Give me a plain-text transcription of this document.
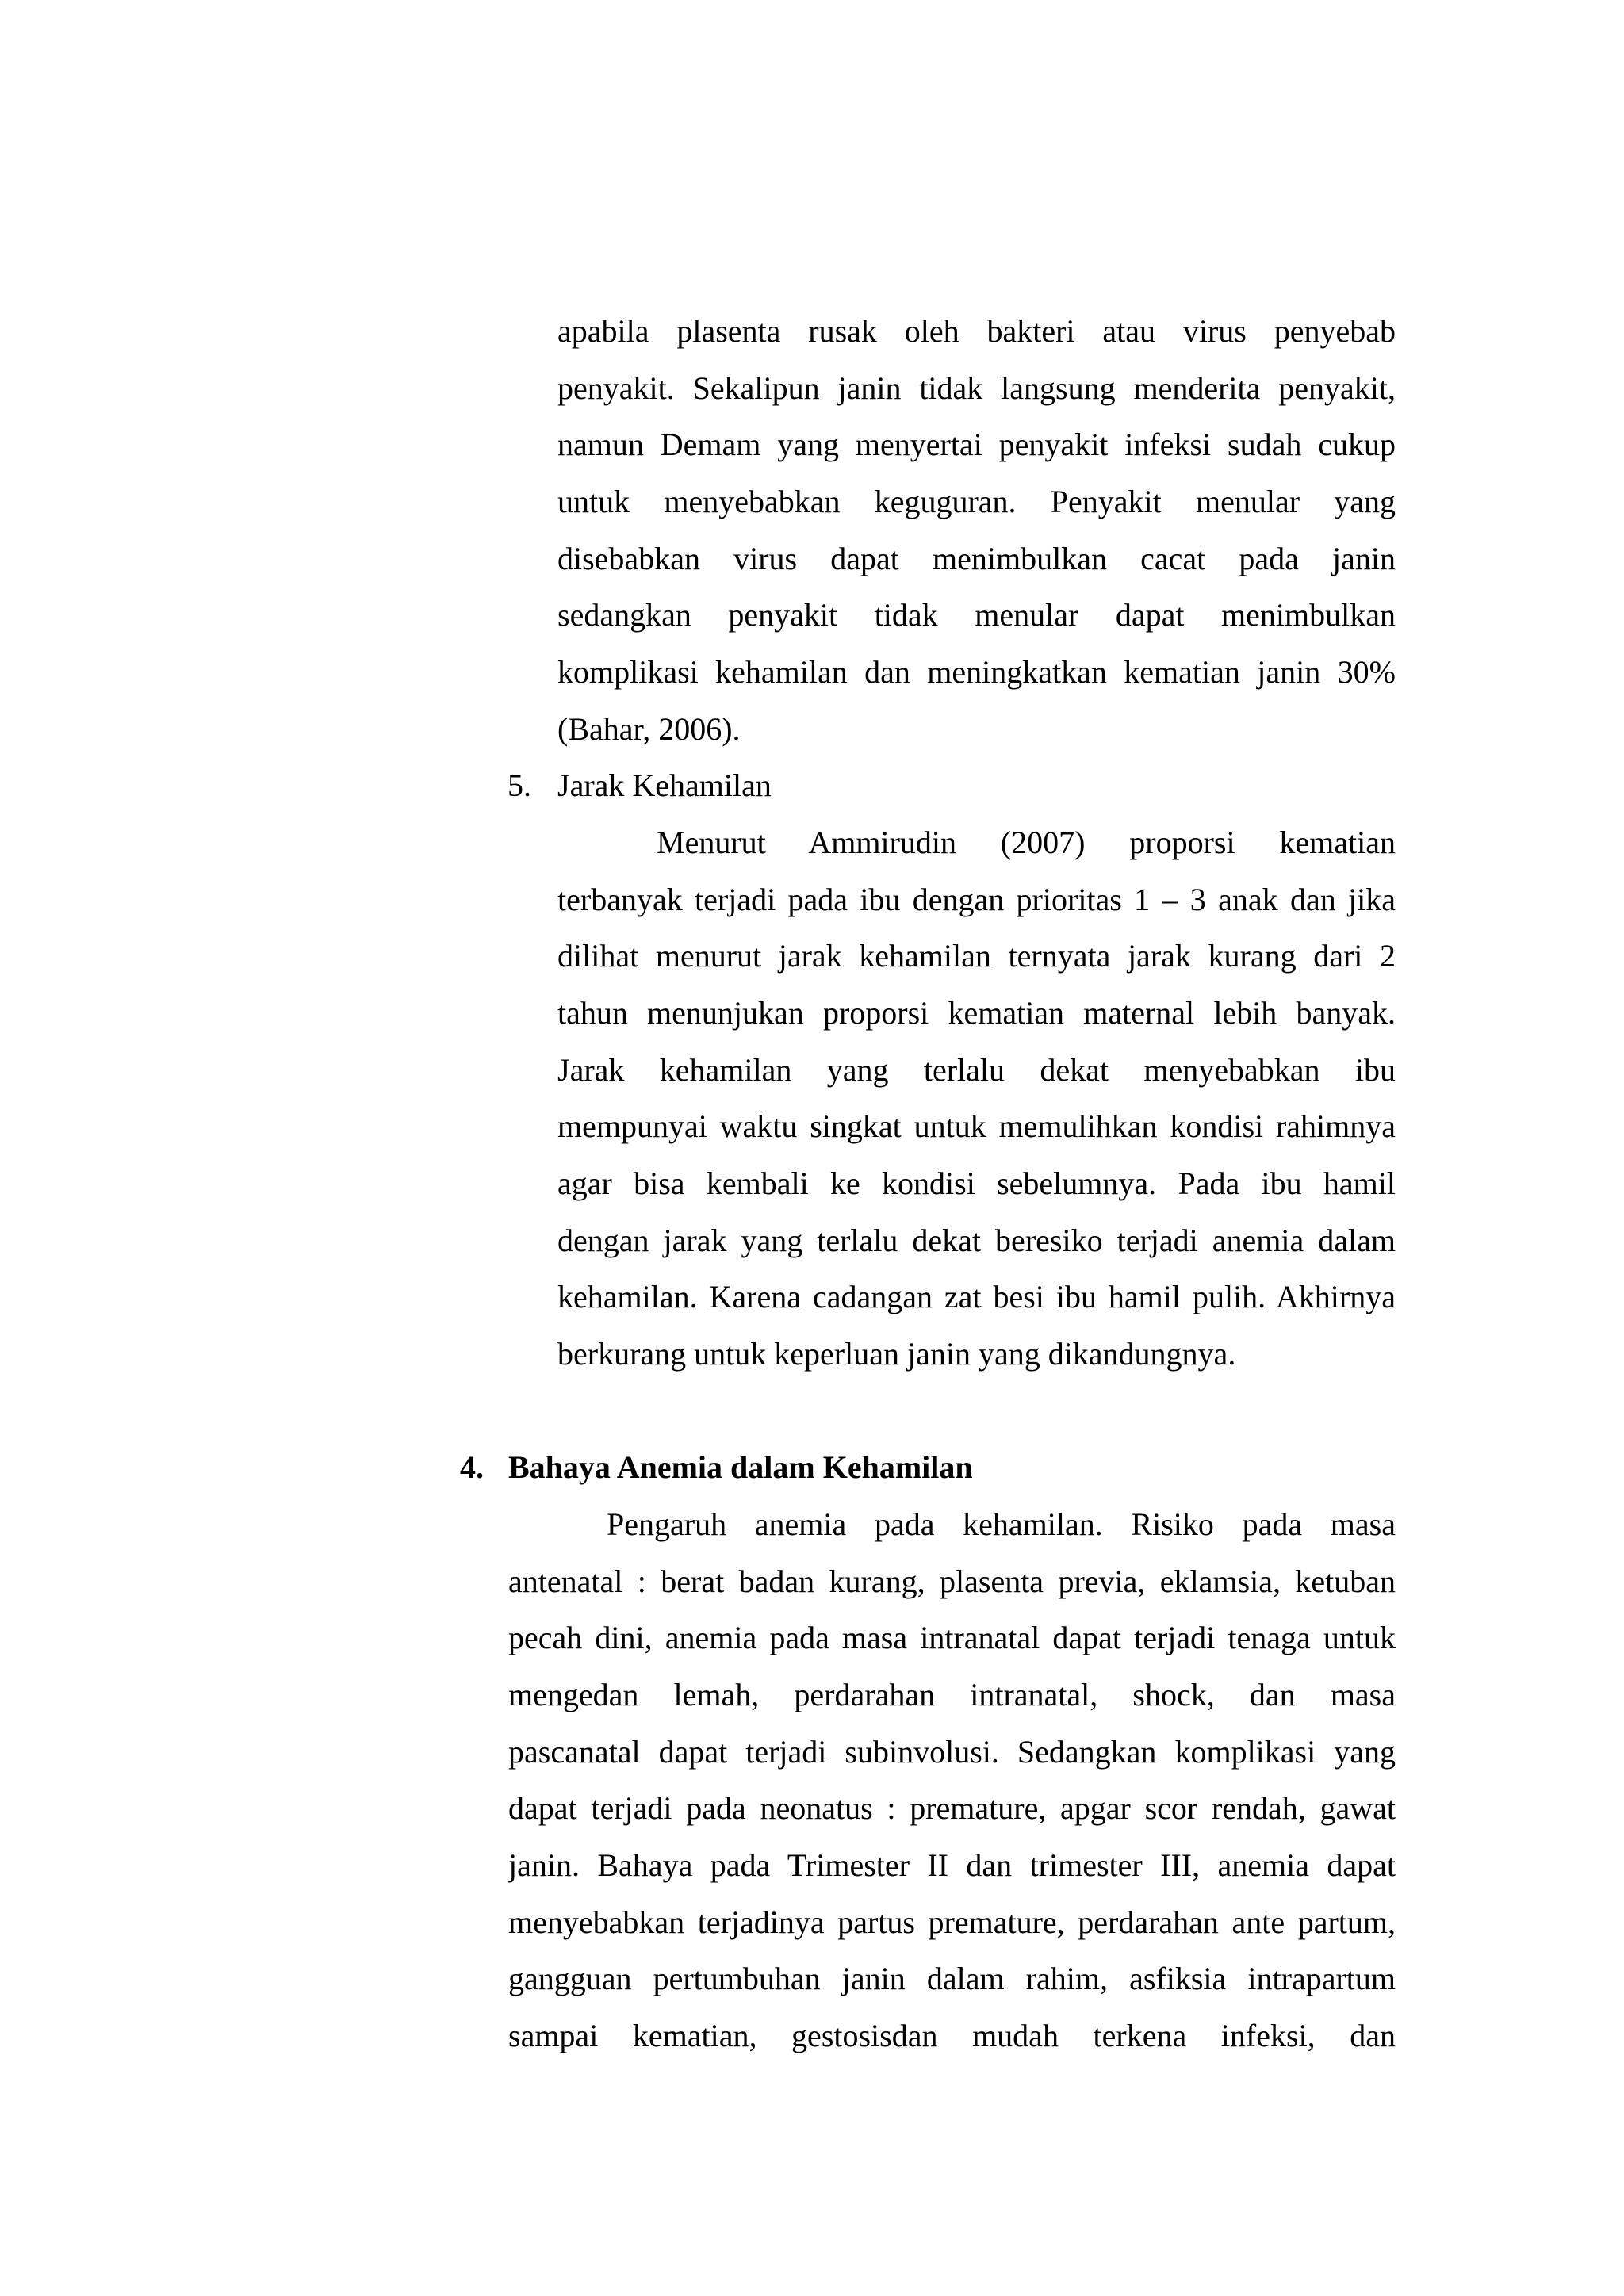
apabila plasenta rusak oleh bakteri atau virus penyebab
penyakit. Sekalipun janin tidak langsung menderita penyakit,
namun Demam yang menyertai penyakit infeksi sudah cukup
untuk menyebabkan keguguran. Penyakit menular yang
disebabkan virus dapat menimbulkan cacat pada janin
sedangkan penyakit tidak menular dapat menimbulkan
komplikasi kehamilan dan meningkatkan kematian janin 30%
(Bahar, 2006).
5. Jarak Kehamilan
Menurut Ammirudin (2007) proporsi kematian
terbanyak terjadi pada ibu dengan prioritas 1 – 3 anak dan jika
dilihat menurut jarak kehamilan ternyata jarak kurang dari 2
tahun menunjukan proporsi kematian maternal lebih banyak.
Jarak kehamilan yang terlalu dekat menyebabkan ibu
mempunyai waktu singkat untuk memulihkan kondisi rahimnya
agar bisa kembali ke kondisi sebelumnya. Pada ibu hamil
dengan jarak yang terlalu dekat beresiko terjadi anemia dalam
kehamilan. Karena cadangan zat besi ibu hamil pulih. Akhirnya
berkurang untuk keperluan janin yang dikandungnya.
4. Bahaya Anemia dalam Kehamilan
Pengaruh anemia pada kehamilan. Risiko pada masa
antenatal : berat badan kurang, plasenta previa, eklamsia, ketuban
pecah dini, anemia pada masa intranatal dapat terjadi tenaga untuk
mengedan lemah, perdarahan intranatal, shock, dan masa
pascanatal dapat terjadi subinvolusi. Sedangkan komplikasi yang
dapat terjadi pada neonatus : premature, apgar scor rendah, gawat
janin. Bahaya pada Trimester II dan trimester III, anemia dapat
menyebabkan terjadinya partus premature, perdarahan ante partum,
gangguan pertumbuhan janin dalam rahim, asfiksia intrapartum
sampai kematian, gestosisdan mudah terkena infeksi, dan
